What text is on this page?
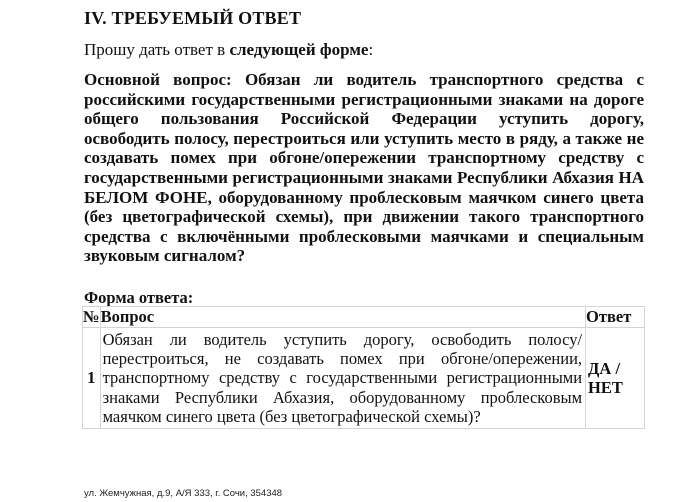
IV. ТРЕБУЕМЫЙ ОТВЕТ
Прошу дать ответ в следующей форме:
Основной вопрос: Обязан ли водитель транспортного средства с российскими государственными регистрационными знаками на дороге общего пользования Российской Федерации уступить дорогу, освободить полосу, перестроиться или уступить место в ряду, а также не создавать помех при обгоне/опережении транспортному средству с государственными регистрационными знаками Республики Абхазия НА БЕЛОМ ФОНЕ, оборудованному проблесковым маячком синего цвета (без цветографической схемы), при движении такого транспортного средства с включёнными проблесковыми маячками и специальным звуковым сигналом?
Форма ответа:
№	Вопрос	Ответ
1	Обязан ли водитель уступить дорогу, освободить полосу/перестроиться, не создавать помех при обгоне/опережении, транспортному средству с государственными регистрационными знаками Республики Абхазия, оборудованному проблесковым маячком синего цвета (без цветографической схемы)?	ДА /
НЕТ
ул. Жемчужная, д.9, А/Я 333, г. Сочи, 354348
